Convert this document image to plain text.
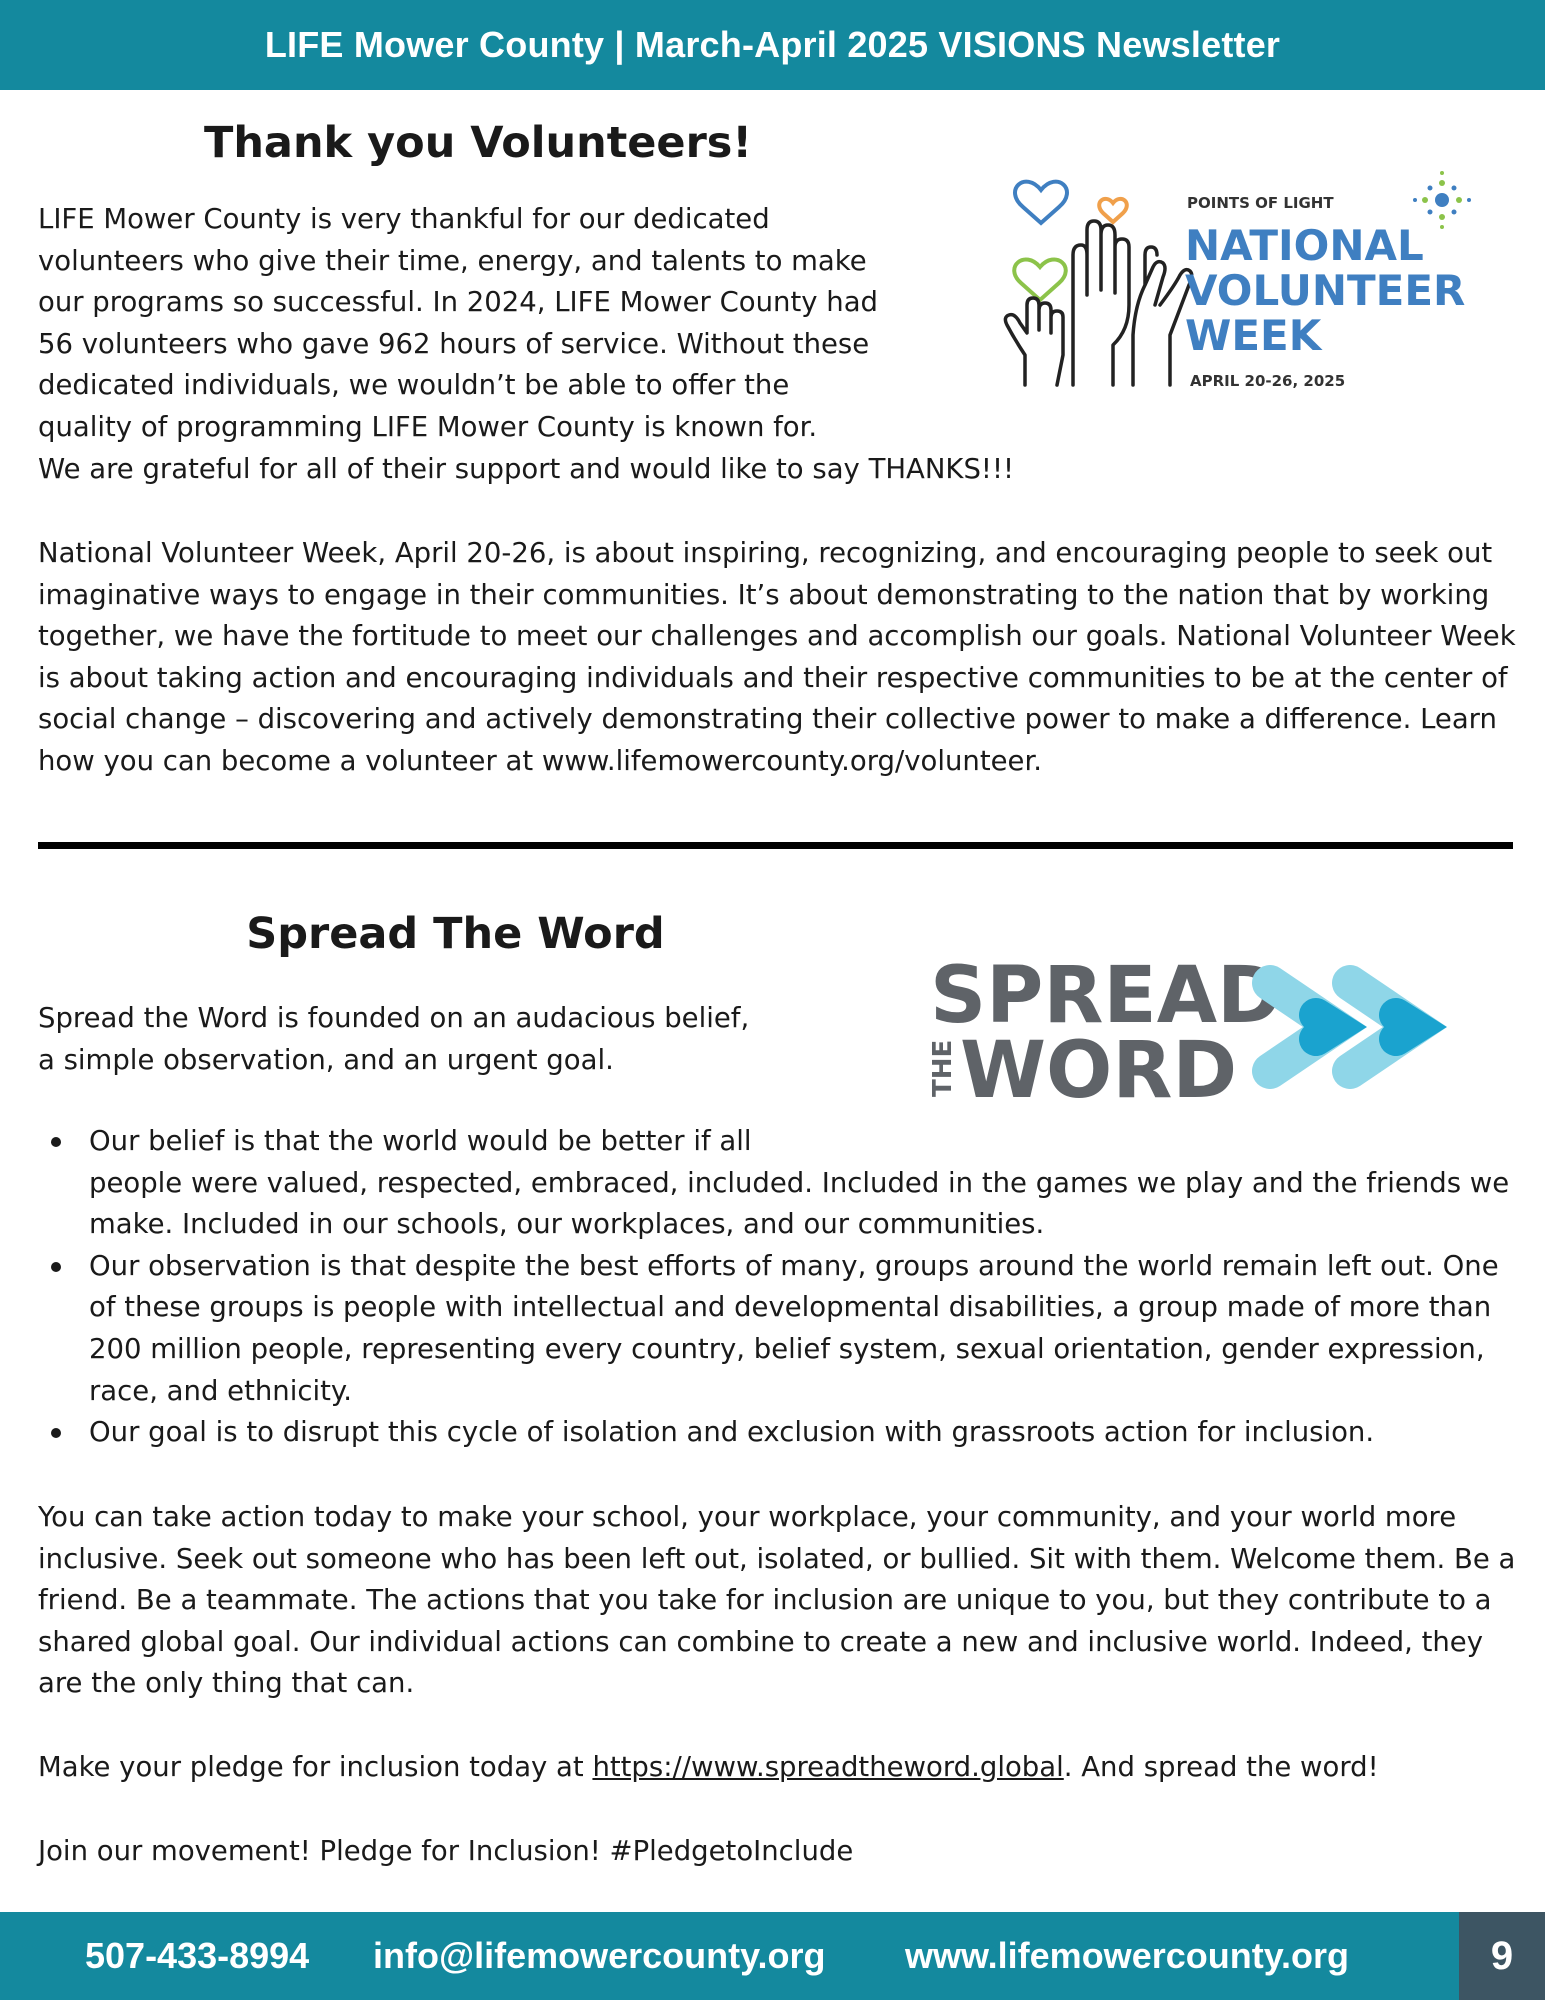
LIFE Mower County | March-April 2025 VISIONS Newsletter
Thank you Volunteers!
LIFE Mower County is very thankful for our dedicated
volunteers who give their time, energy, and talents to make
our programs so successful. In 2024, LIFE Mower County had
56 volunteers who gave 962 hours of service. Without these
dedicated individuals, we wouldn’t be able to offer the
quality of programming LIFE Mower County is known for.
We are grateful for all of their support and would like to say THANKS!!!

National Volunteer Week, April 20-26, is about inspiring, recognizing, and encouraging people to seek out imaginative ways to engage in their communities. It’s about demonstrating to the nation that by working together, we have the fortitude to meet our challenges and accomplish our goals. National Volunteer Week is about taking action and encouraging individuals and their respective communities to be at the center of social change – discovering and actively demonstrating their collective power to make a difference. Learn how you can become a volunteer at www.lifemowercounty.org/volunteer.

POINTS OF LIGHT
NATIONAL
VOLUNTEER
WEEK
APRIL 20-26, 2025
Spread The Word
Spread the Word is founded on an audacious belief,
a simple observation, and an urgent goal.
SPREAD
THE WORD
Our belief is that the world would be better if all
people were valued, respected, embraced, included. Included in the games we play and the friends we make. Included in our schools, our workplaces, and our communities.
Our observation is that despite the best efforts of many, groups around the world remain left out. One of these groups is people with intellectual and developmental disabilities, a group made of more than 200 million people, representing every country, belief system, sexual orientation, gender expression, race, and ethnicity.
Our goal is to disrupt this cycle of isolation and exclusion with grassroots action for inclusion.

You can take action today to make your school, your workplace, your community, and your world more inclusive. Seek out someone who has been left out, isolated, or bullied. Sit with them. Welcome them. Be a friend. Be a teammate. The actions that you take for inclusion are unique to you, but they contribute to a shared global goal. Our individual actions can combine to create a new and inclusive world. Indeed, they are the only thing that can.

Make your pledge for inclusion today at https://www.spreadtheword.global. And spread the word!

Join our movement! Pledge for Inclusion! #PledgetoInclude

507-433-8994 info@lifemowercounty.org www.lifemowercounty.org	9
